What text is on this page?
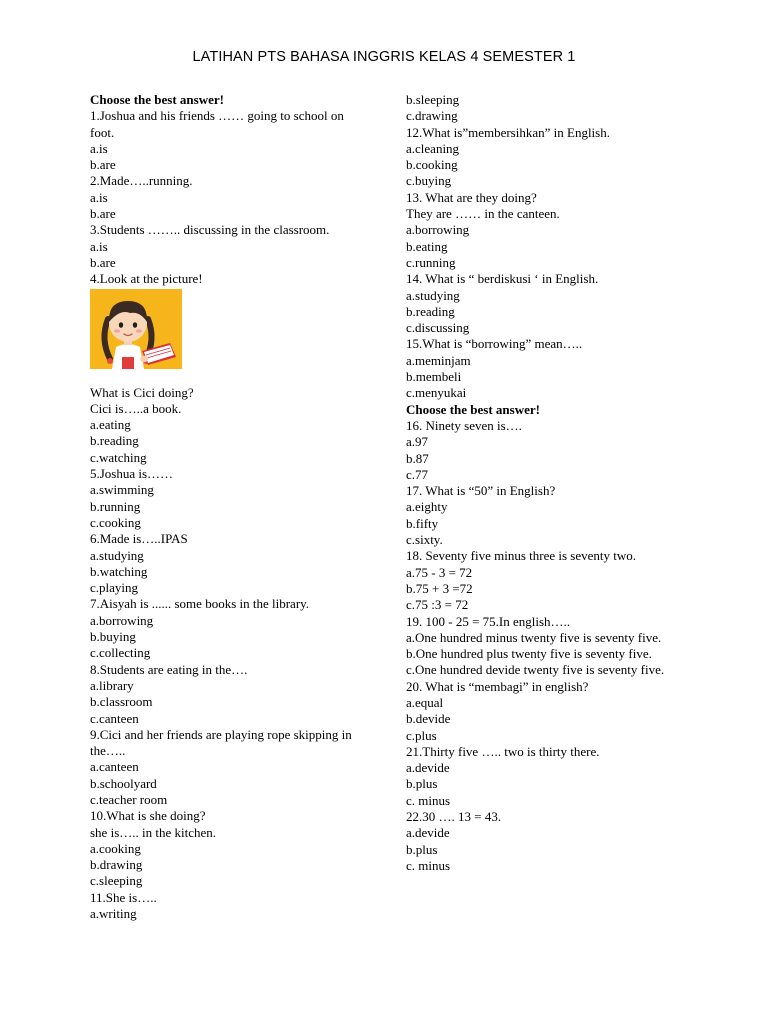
LATIHAN PTS BAHASA INGGRIS KELAS 4 SEMESTER 1
Choose the best answer!
1.Joshua and his friends …… going to school on foot.
a.is
b.are
2.Made…..running.
a.is
b.are
3.Students …….. discussing in the classroom.
a.is
b.are
4.Look at the picture!
What is Cici doing?
Cici is…..a book.
a.eating
b.reading
c.watching
5.Joshua is……
a.swimming
b.running
c.cooking
6.Made is…..IPAS
a.studying
b.watching
c.playing
7.Aisyah is ...... some books in the library.
a.borrowing
b.buying
c.collecting
8.Students are eating in the….
a.library
b.classroom
c.canteen
9.Cici and her friends are playing rope skipping in the…..
a.canteen
b.schoolyard
c.teacher room
10.What is she doing?
she is….. in the kitchen.
a.cooking
b.drawing
c.sleeping
11.She is…..
a.writing
b.sleeping
c.drawing
12.What is”membersihkan” in English.
a.cleaning
b.cooking
c.buying
13. What are they doing?
They are …… in the canteen.
a.borrowing
b.eating
c.running
14. What is “ berdiskusi ‘ in English.
a.studying
b.reading
c.discussing
15.What is “borrowing” mean…..
a.meminjam
b.membeli
c.menyukai
Choose the best answer!
16. Ninety seven is….
a.97
b.87
c.77
17. What is “50” in English?
a.eighty
b.fifty
c.sixty.
18. Seventy five minus three is seventy two.
a.75 - 3 = 72
b.75 + 3 =72
c.75 :3 = 72
19. 100 - 25 = 75.In english…..
a.One hundred minus twenty five is seventy five.
b.One hundred plus twenty five is seventy five.
c.One hundred devide twenty five is seventy five.
20. What is “membagi” in english?
a.equal
b.devide
c.plus
21.Thirty five ….. two is thirty there.
a.devide
b.plus
c. minus
22.30 …. 13 = 43.
a.devide
b.plus
c. minus
